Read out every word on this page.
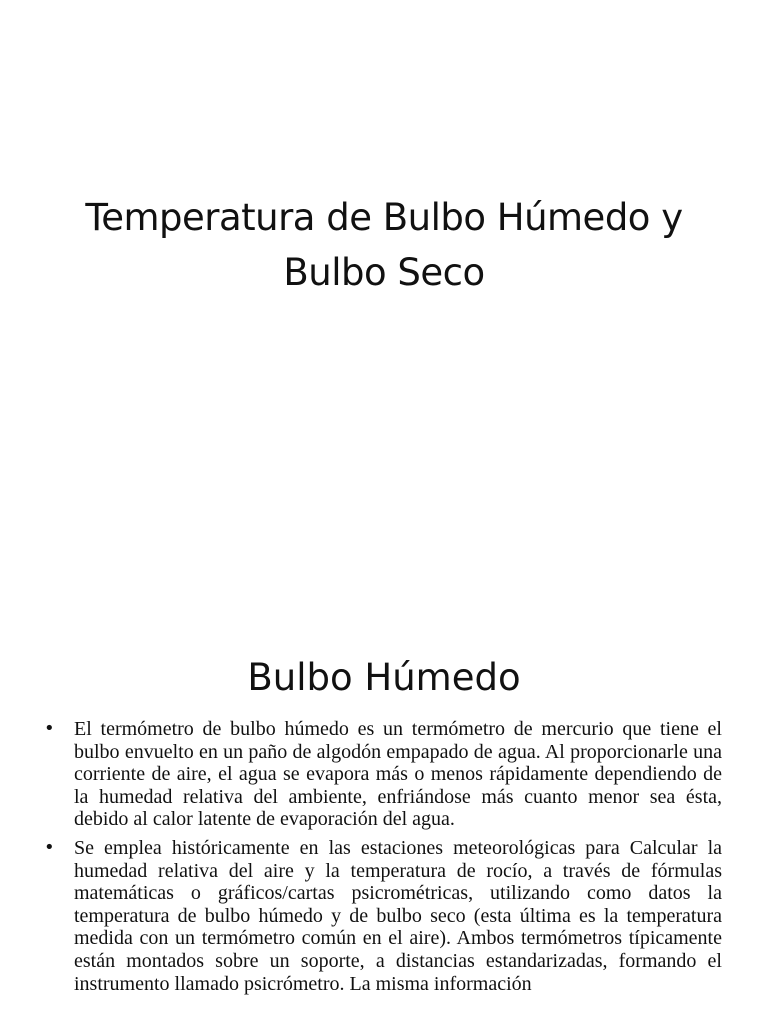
Temperatura de Bulbo Húmedo y Bulbo Seco
Bulbo Húmedo
• El termómetro de bulbo húmedo es un termómetro de mercurio que tiene el bulbo envuelto en un paño de algodón empapado de agua. Al proporcionarle una corriente de aire, el agua se evapora más o menos rápidamente dependiendo de la humedad relativa del ambiente, enfriándose más cuanto menor sea ésta, debido al calor latente de evaporación del agua.
• Se emplea históricamente en las estaciones meteorológicas para Calcular la humedad relativa del aire y la temperatura de rocío, a través de fórmulas matemáticas o gráficos/cartas psicrométricas, utilizando como datos la temperatura de bulbo húmedo y de bulbo seco (esta última es la temperatura medida con un termómetro común en el aire). Ambos termómetros típicamente están montados sobre un soporte, a distancias estandarizadas, formando el instrumento llamado psicrómetro. La misma información
